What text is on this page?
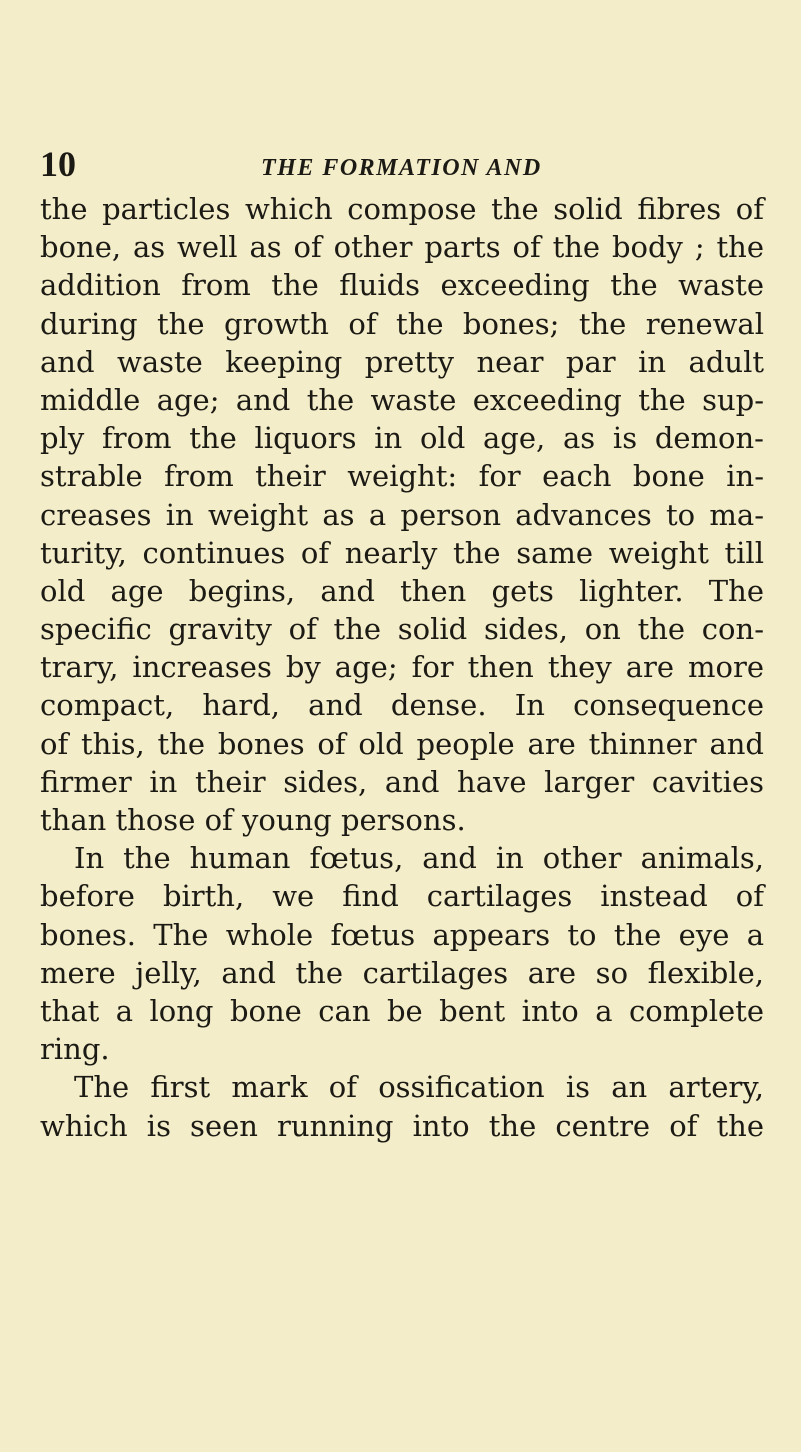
10	THE FORMATION AND
the particles which compose the solid fibres of
bone, as well as of other parts of the body ; the
addition from the fluids exceeding the waste
during the growth of the bones; the renewal
and waste keeping pretty near par in adult
middle age; and the waste exceeding the sup-
ply from the liquors in old age, as is demon-
strable from their weight: for each bone in-
creases in weight as a person advances to ma-
turity, continues of nearly the same weight till
old age begins, and then gets lighter. The
specific gravity of the solid sides, on the con-
trary, increases by age; for then they are more
compact, hard, and dense. In consequence
of this, the bones of old people are thinner and
firmer in their sides, and have larger cavities
than those of young persons.
In the human fœtus, and in other animals,
before birth, we find cartilages instead of
bones. The whole fœtus appears to the eye a
mere jelly, and the cartilages are so flexible,
that a long bone can be bent into a complete
ring.
The first mark of ossification is an artery,
which is seen running into the centre of the
